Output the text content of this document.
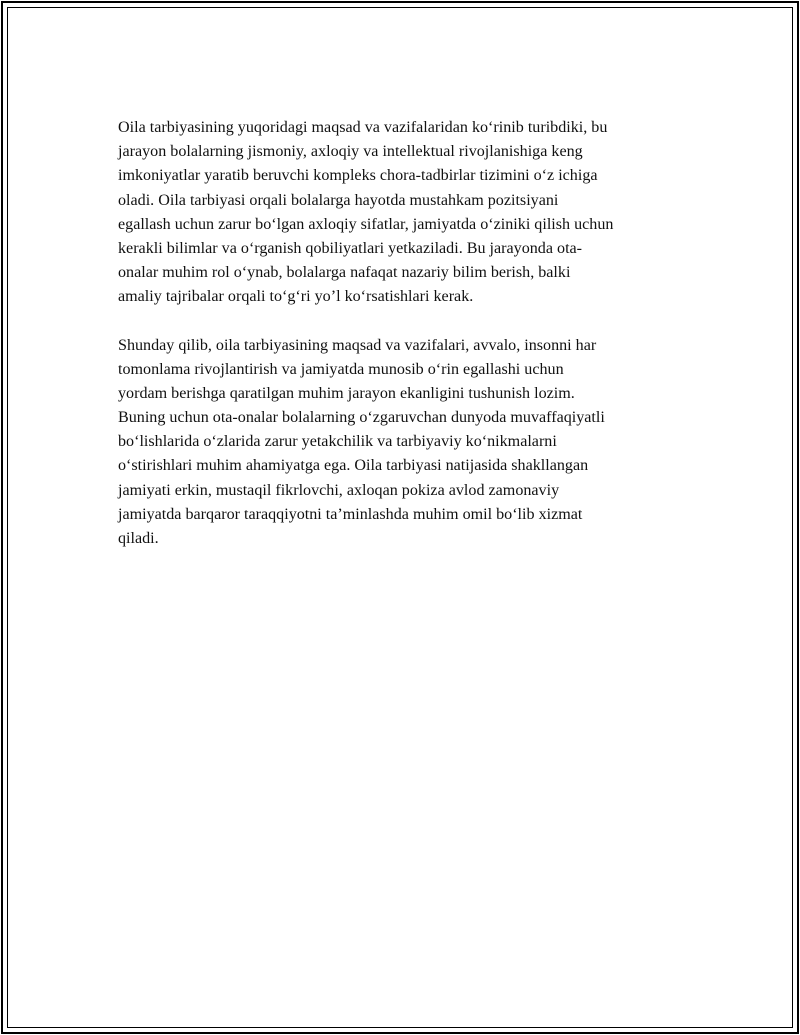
Oila tarbiyasining yuqoridagi maqsad va vazifalaridan koʻrinib turibdiki, bu
jarayon bolalarning jismoniy, axloqiy va intellektual rivojlanishiga keng
imkoniyatlar yaratib beruvchi kompleks chora-tadbirlar tizimini oʻz ichiga
oladi. Oila tarbiyasi orqali bolalarga hayotda mustahkam pozitsiyani
egallash uchun zarur boʻlgan axloqiy sifatlar, jamiyatda oʻziniki qilish uchun
kerakli bilimlar va oʻrganish qobiliyatlari yetkaziladi. Bu jarayonda ota-
onalar muhim rol oʻynab, bolalarga nafaqat nazariy bilim berish, balki
amaliy tajribalar orqali toʻgʻri yoʼl koʻrsatishlari kerak.

Shunday qilib, oila tarbiyasining maqsad va vazifalari, avvalo, insonni har
tomonlama rivojlantirish va jamiyatda munosib oʻrin egallashi uchun
yordam berishga qaratilgan muhim jarayon ekanligini tushunish lozim.
Buning uchun ota-onalar bolalarning oʻzgaruvchan dunyoda muvaffaqiyatli
boʻlishlarida oʻzlarida zarur yetakchilik va tarbiyaviy koʻnikmalarni
oʻstirishlari muhim ahamiyatga ega. Oila tarbiyasi natijasida shakllangan
jamiyati erkin, mustaqil fikrlovchi, axloqan pokiza avlod zamonaviy
jamiyatda barqaror taraqqiyotni taʼminlashda muhim omil boʻlib xizmat
qiladi.
